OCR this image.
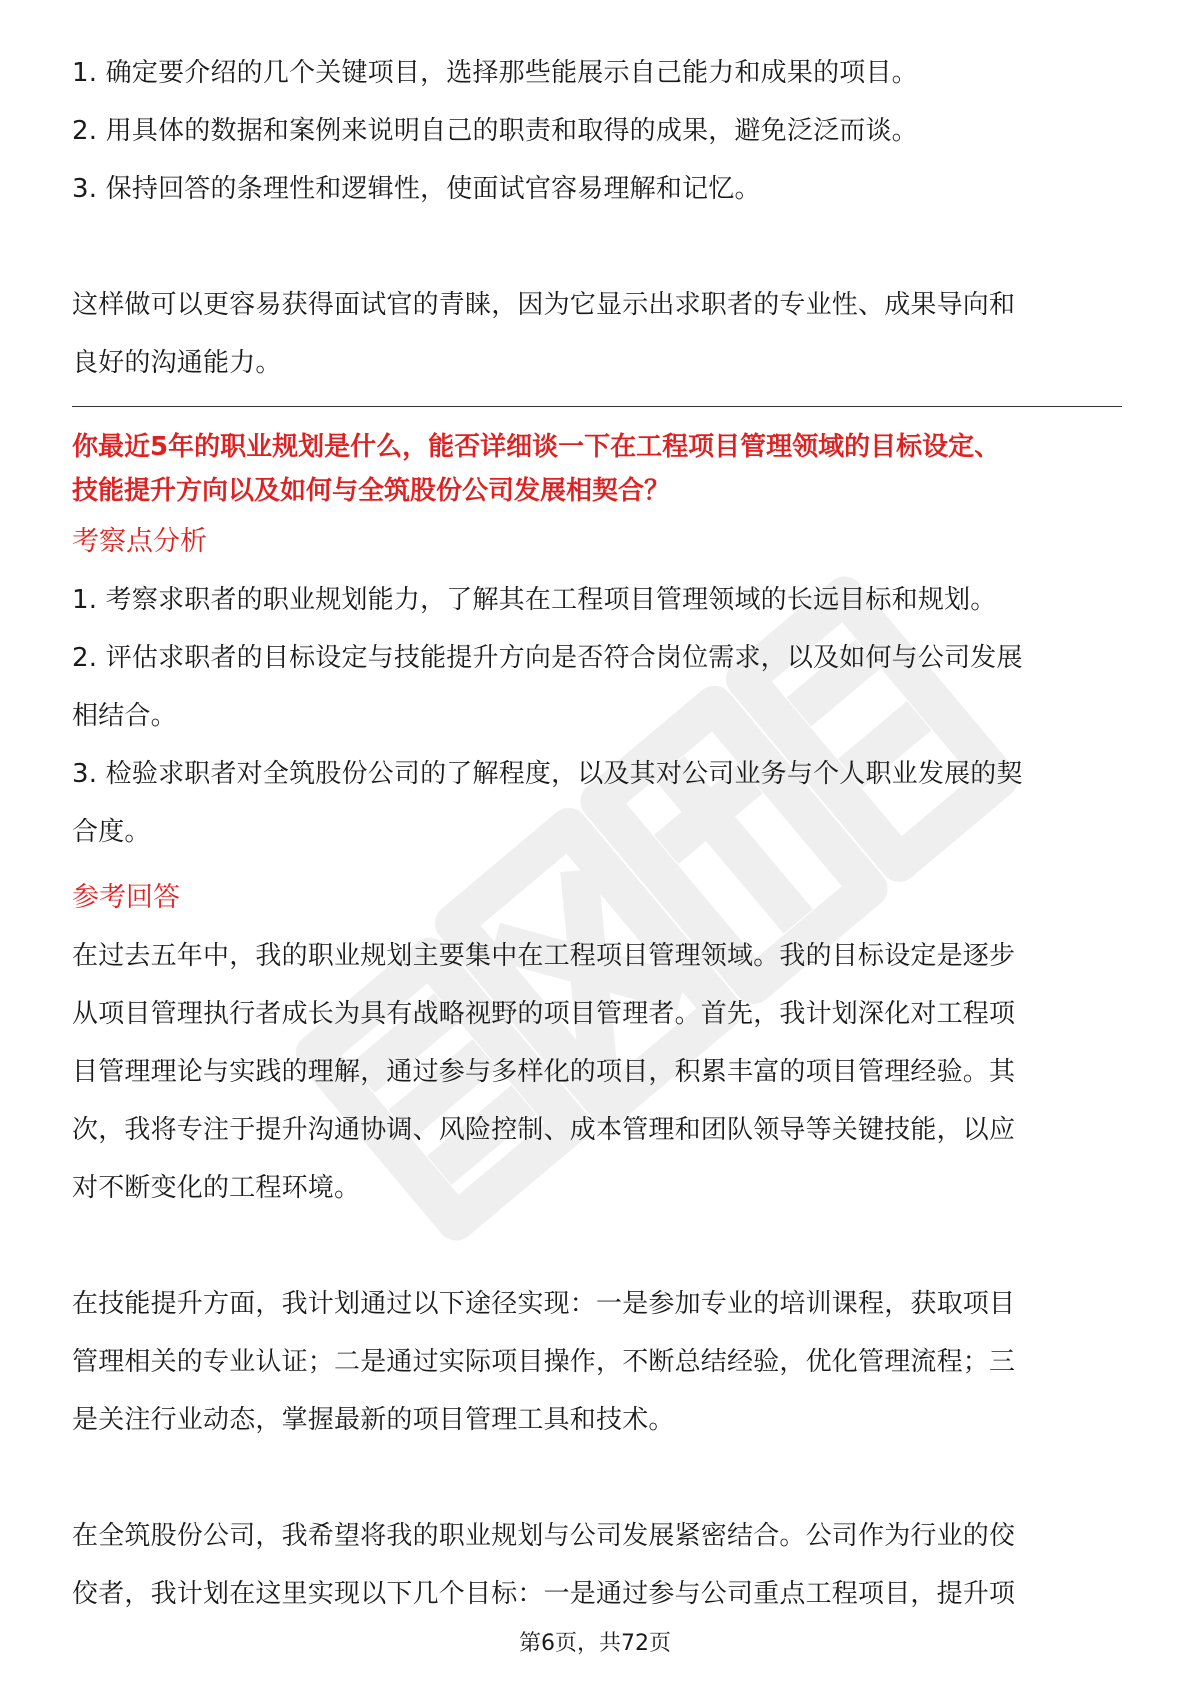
1. 确定要介绍的几个关键项目，选择那些能展示自己能力和成果的项目。
2. 用具体的数据和案例来说明自己的职责和取得的成果，避免泛泛而谈。
3. 保持回答的条理性和逻辑性，使面试官容易理解和记忆。
这样做可以更容易获得面试官的青睐，因为它显示出求职者的专业性、成果导向和
良好的沟通能力。
你最近5年的职业规划是什么，能否详细谈一下在工程项目管理领域的目标设定、
技能提升方向以及如何与全筑股份公司发展相契合？
考察点分析
1. 考察求职者的职业规划能力，了解其在工程项目管理领域的长远目标和规划。
2. 评估求职者的目标设定与技能提升方向是否符合岗位需求，以及如何与公司发展
相结合。
3. 检验求职者对全筑股份公司的了解程度，以及其对公司业务与个人职业发展的契
合度。
参考回答
在过去五年中，我的职业规划主要集中在工程项目管理领域。我的目标设定是逐步
从项目管理执行者成长为具有战略视野的项目管理者。首先，我计划深化对工程项
目管理理论与实践的理解，通过参与多样化的项目，积累丰富的项目管理经验。其
次，我将专注于提升沟通协调、风险控制、成本管理和团队领导等关键技能，以应
对不断变化的工程环境。
在技能提升方面，我计划通过以下途径实现：一是参加专业的培训课程，获取项目
管理相关的专业认证；二是通过实际项目操作，不断总结经验，优化管理流程；三
是关注行业动态，掌握最新的项目管理工具和技术。
在全筑股份公司，我希望将我的职业规划与公司发展紧密结合。公司作为行业的佼
佼者，我计划在这里实现以下几个目标：一是通过参与公司重点工程项目，提升项
第6页，共72页
